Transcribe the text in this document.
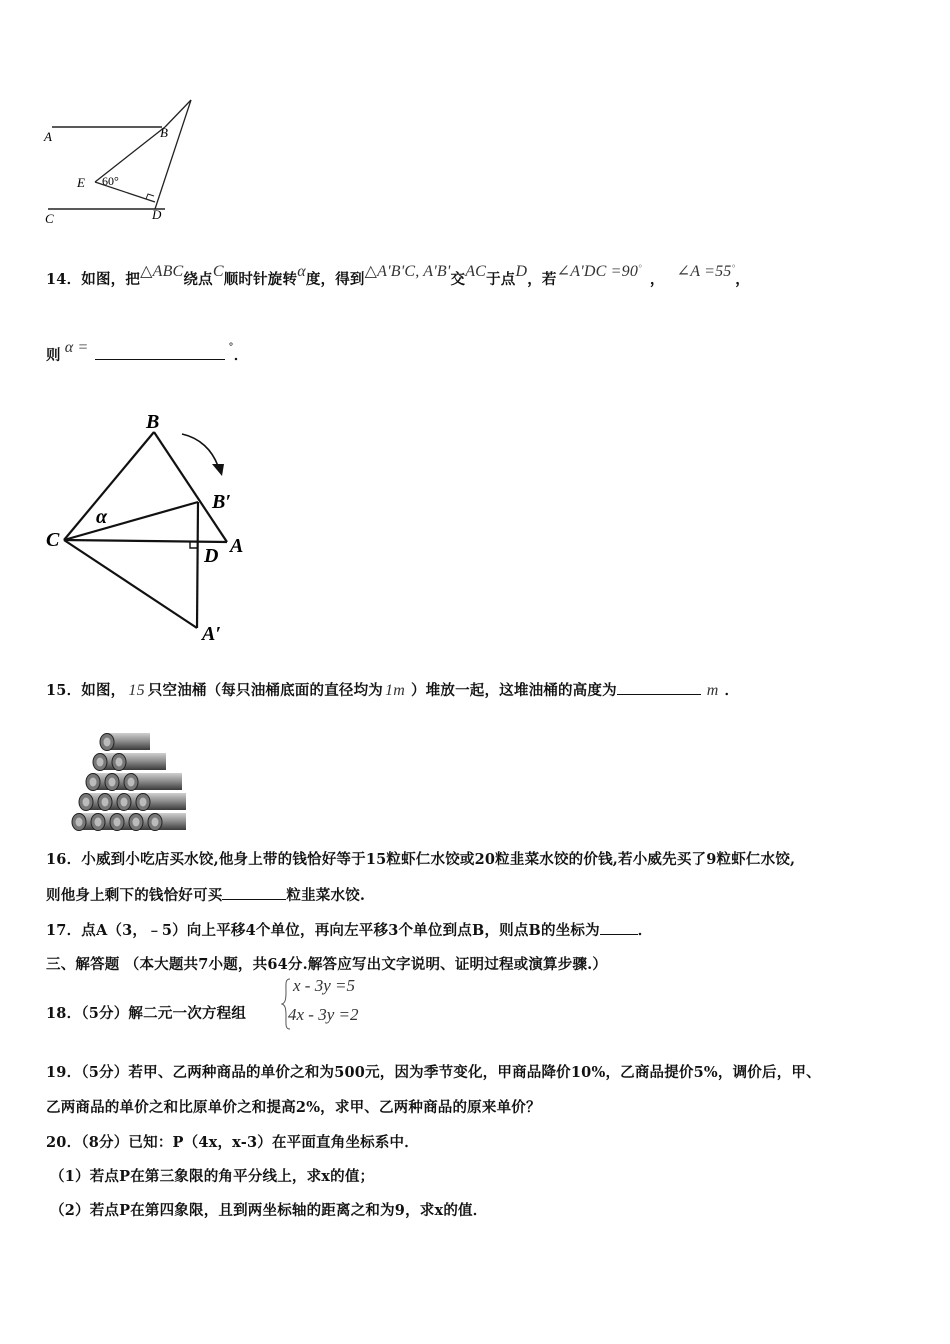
A	B
C	D
E 60°
14．如图，把△ABC绕点C顺时针旋转α度，得到△A'B'C, A'B'交AC于点D，若∠A'DC =90°， ∠A =55°，
则 α =	°．
B
B′
C
D A
A′
α
15．如图， 15 只空油桶（每只油桶底面的直径均为 1m ）堆放一起，这堆油桶的高度为	m ．
16．小威到小吃店买水饺,他身上带的钱恰好等于15粒虾仁水饺或20粒韭菜水饺的价钱,若小威先买了9粒虾仁水饺,
则他身上剩下的钱恰好可买	粒韭菜水饺.
17．点A（3，﹣5）向上平移4个单位，再向左平移3个单位到点B，则点B的坐标为	．
三、解答题 （本大题共7小题，共64分.解答应写出文字说明、证明过程或演算步骤.）
18．（5分）解二元一次方程组
x - 3y =5
4x - 3y =2
19．（5分）若甲、乙两种商品的单价之和为500元，因为季节变化，甲商品降价10%，乙商品提价5%，调价后，甲、
乙两商品的单价之和比原单价之和提高2%，求甲、乙两种商品的原来单价？
20．（8分）已知：P（4x，x-3）在平面直角坐标系中．
（1）若点P在第三象限的角平分线上，求x的值；
（2）若点P在第四象限，且到两坐标轴的距离之和为9，求x的值．
